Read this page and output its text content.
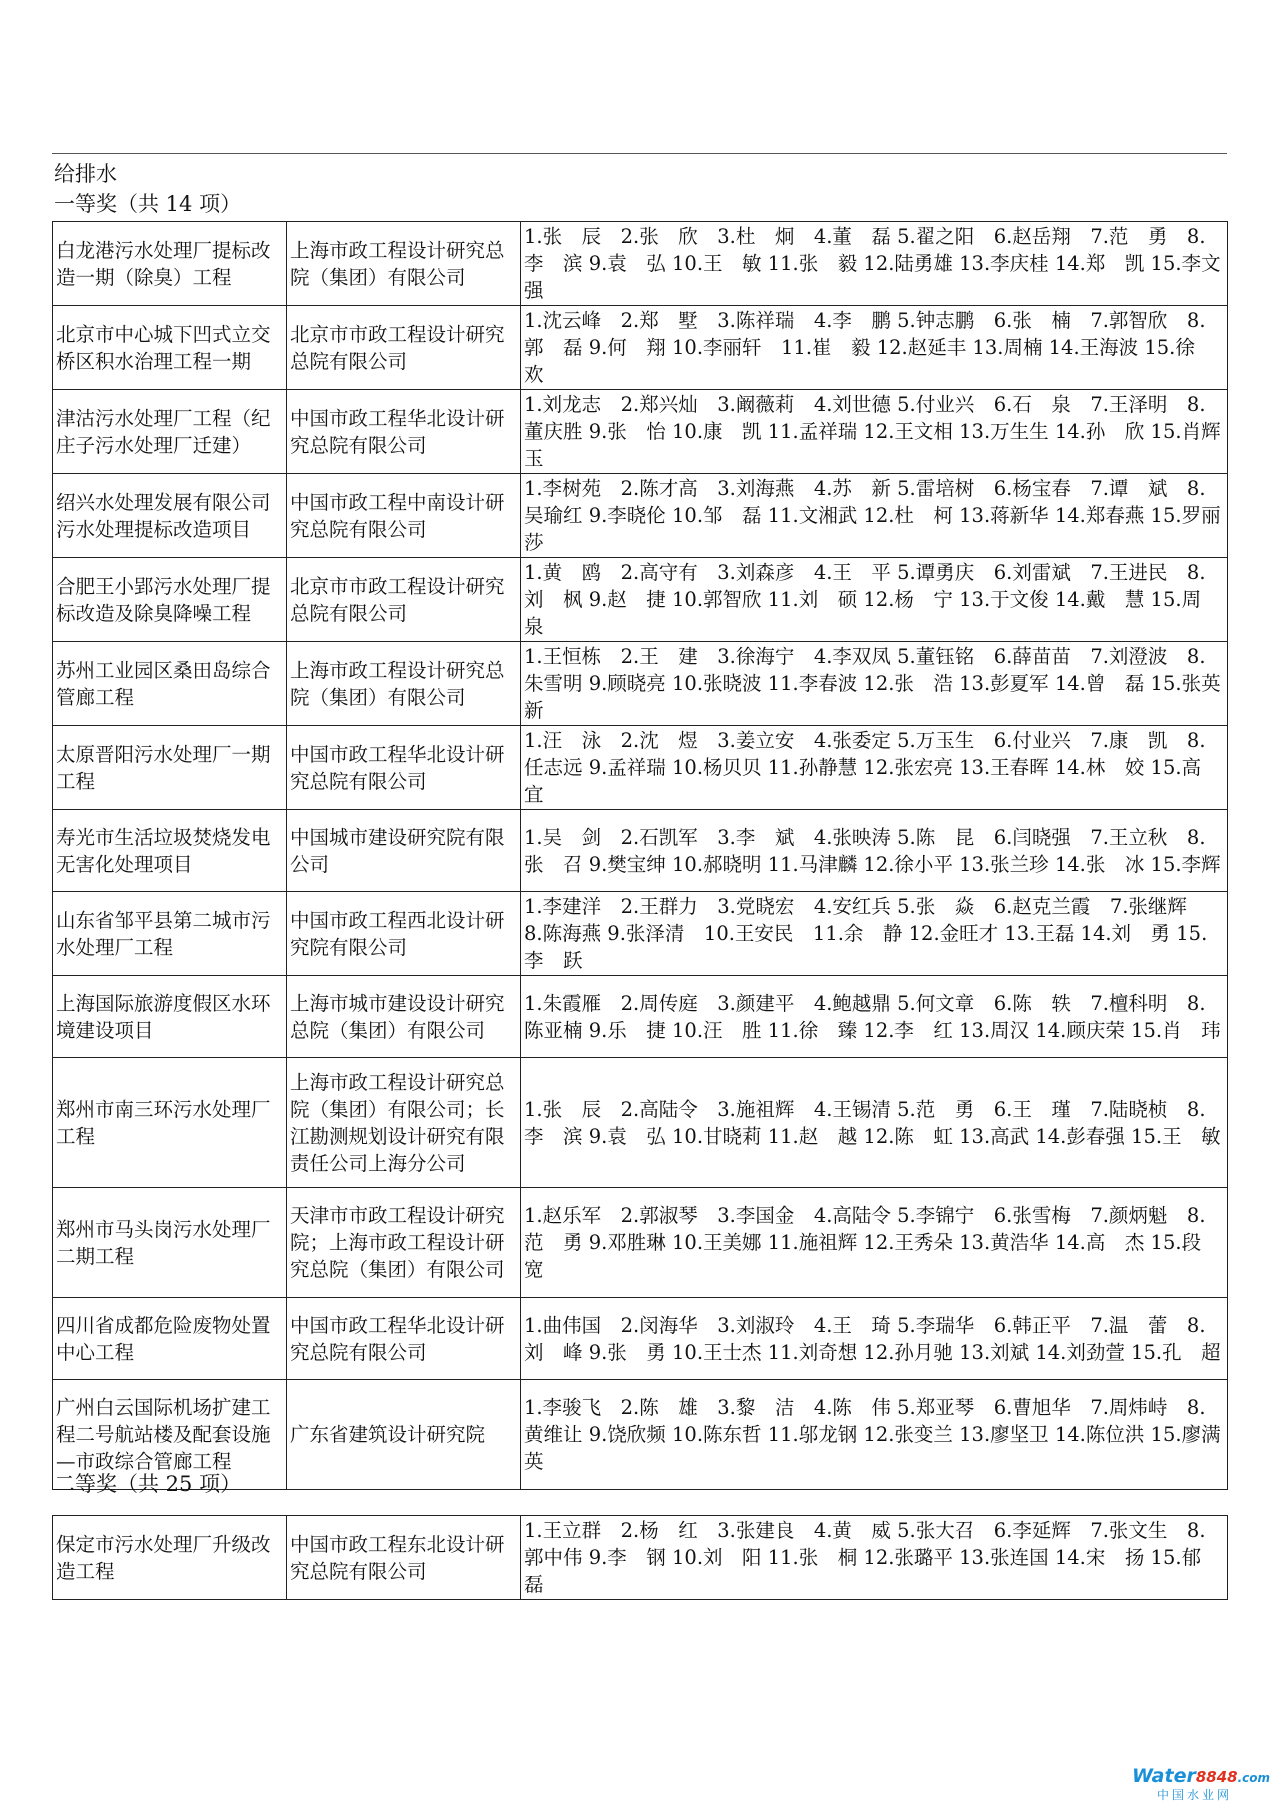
给排水
一等奖（共 14 项）
白龙港污水处理厂提标改造一期（除臭）工程	上海市政工程设计研究总院（集团）有限公司	1.张　辰　2.张　欣　3.杜　炯　4.董　磊 5.翟之阳　6.赵岳翔　7.范　勇　8.李　滨 9.袁　弘 10.王　敏 11.张　毅 12.陆勇雄 13.李庆桂 14.郑　凯 15.李文强
北京市中心城下凹式立交桥区积水治理工程一期	北京市市政工程设计研究总院有限公司	1.沈云峰　2.郑　墅　3.陈祥瑞　4.李　鹏 5.钟志鹏　6.张　楠　7.郭智欣　8.郭　磊 9.何　翔 10.李丽轩　11.崔　毅 12.赵延丰 13.周楠 14.王海波 15.徐　欢
津沽污水处理厂工程（纪庄子污水处理厂迁建）	中国市政工程华北设计研究总院有限公司	1.刘龙志　2.郑兴灿　3.阚薇莉　4.刘世德 5.付业兴　6.石　泉　7.王泽明　8.董庆胜 9.张　怡 10.康　凯 11.孟祥瑞 12.王文相 13.万生生 14.孙　欣 15.肖辉玉
绍兴水处理发展有限公司污水处理提标改造项目	中国市政工程中南设计研究总院有限公司	1.李树苑　2.陈才高　3.刘海燕　4.苏　新 5.雷培树　6.杨宝春　7.谭　斌　8.吴瑜红 9.李晓伦 10.邹　磊 11.文湘武 12.杜　柯 13.蒋新华 14.郑春燕 15.罗丽莎
合肥王小郢污水处理厂提标改造及除臭降噪工程	北京市市政工程设计研究总院有限公司	1.黄　鸥　2.高守有　3.刘森彦　4.王　平 5.谭勇庆　6.刘雷斌　7.王进民　8.刘　枫 9.赵　捷 10.郭智欣 11.刘　硕 12.杨　宁 13.于文俊 14.戴　慧 15.周　泉
苏州工业园区桑田岛综合管廊工程	上海市政工程设计研究总院（集团）有限公司	1.王恒栋　2.王　建　3.徐海宁　4.李双凤 5.董钰铭　6.薛苗苗　7.刘澄波　8.朱雪明 9.顾晓亮 10.张晓波 11.李春波 12.张　浩 13.彭夏军 14.曾　磊 15.张英新
太原晋阳污水处理厂一期工程	中国市政工程华北设计研究总院有限公司	1.汪　泳　2.沈　煜　3.姜立安　4.张委定 5.万玉生　6.付业兴　7.康　凯　8.任志远 9.孟祥瑞 10.杨贝贝 11.孙静慧 12.张宏亮 13.王春晖 14.林　姣 15.高　宜
寿光市生活垃圾焚烧发电无害化处理项目	中国城市建设研究院有限公司	1.吴　剑　2.石凯军　3.李　斌　4.张映涛 5.陈　昆　6.闫晓强　7.王立秋　8.张　召 9.樊宝绅 10.郝晓明 11.马津麟 12.徐小平 13.张兰珍 14.张　冰 15.李辉
山东省邹平县第二城市污水处理厂工程	中国市政工程西北设计研究院有限公司	1.李建洋　2.王群力　3.党晓宏　4.安红兵 5.张　焱　6.赵克兰霞　7.张继辉　8.陈海燕 9.张泽清　10.王安民　11.余　静 12.金旺才 13.王磊 14.刘　勇 15.李　跃
上海国际旅游度假区水环境建设项目	上海市城市建设设计研究总院（集团）有限公司	1.朱霞雁　2.周传庭　3.颜建平　4.鲍越鼎 5.何文章　6.陈　轶　7.檀科明　8.陈亚楠 9.乐　捷 10.汪　胜 11.徐　臻 12.李　红 13.周汉 14.顾庆荣 15.肖　玮
郑州市南三环污水处理厂工程	上海市政工程设计研究总院（集团）有限公司；长江勘测规划设计研究有限责任公司上海分公司	1.张　辰　2.高陆令　3.施祖辉　4.王锡清 5.范　勇　6.王　瑾　7.陆晓桢　8.李　滨 9.袁　弘 10.甘晓莉 11.赵　越 12.陈　虹 13.高武 14.彭春强 15.王　敏
郑州市马头岗污水处理厂二期工程	天津市市政工程设计研究院；上海市政工程设计研究总院（集团）有限公司	1.赵乐军　2.郭淑琴　3.李国金　4.高陆令 5.李锦宁　6.张雪梅　7.颜炳魁　8.范　勇 9.邓胜琳 10.王美娜 11.施祖辉 12.王秀朵 13.黄浩华 14.高　杰 15.段　宽
四川省成都危险废物处置中心工程	中国市政工程华北设计研究总院有限公司	1.曲伟国　2.闵海华　3.刘淑玲　4.王　琦 5.李瑞华　6.韩正平　7.温　蕾　8.刘　峰 9.张　勇 10.王士杰 11.刘奇想 12.孙月驰 13.刘斌 14.刘劲萱 15.孔　超
广州白云国际机场扩建工程二号航站楼及配套设施—市政综合管廊工程	广东省建筑设计研究院	1.李骏飞　2.陈　雄　3.黎　洁　4.陈　伟 5.郑亚琴　6.曹旭华　7.周炜峙　8.黄维让 9.饶欣频 10.陈东哲 11.邬龙钢 12.张变兰 13.廖坚卫 14.陈位洪 15.廖满英
二等奖（共 25 项）
保定市污水处理厂升级改造工程	中国市政工程东北设计研究总院有限公司	1.王立群　2.杨　红　3.张建良　4.黄　威 5.张大召　6.李延辉　7.张文生　8.郭中伟 9.李　钢 10.刘　阳 11.张　桐 12.张璐平 13.张连国 14.宋　扬 15.郁　磊
Water8848.com
中国水业网
